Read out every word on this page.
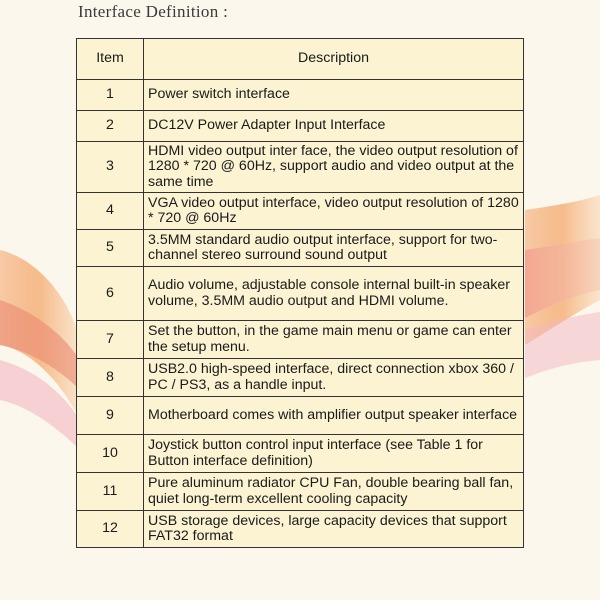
Interface Definition :
Item	Description
1	Power switch interface
2	DC12V Power Adapter Input Interface
3	HDMI video output inter face, the video output resolution of 1280 * 720 @ 60Hz, support audio and video output at the same time
4	VGA video output interface, video output resolution of 1280 * 720 @ 60Hz
5	3.5MM standard audio output interface, support for two-channel stereo surround sound output
6	Audio volume, adjustable console internal built-in speaker volume, 3.5MM audio output and HDMI volume.
7	Set the button, in the game main menu or game can enter the setup menu.
8	USB2.0 high-speed interface, direct connection xbox 360 / PC / PS3, as a handle input.
9	Motherboard comes with amplifier output speaker interface
10	Joystick button control input interface (see Table 1 for Button interface definition)
11	Pure aluminum radiator CPU Fan, double bearing ball fan, quiet long-term excellent cooling capacity
12	USB storage devices, large capacity devices that support FAT32 format
